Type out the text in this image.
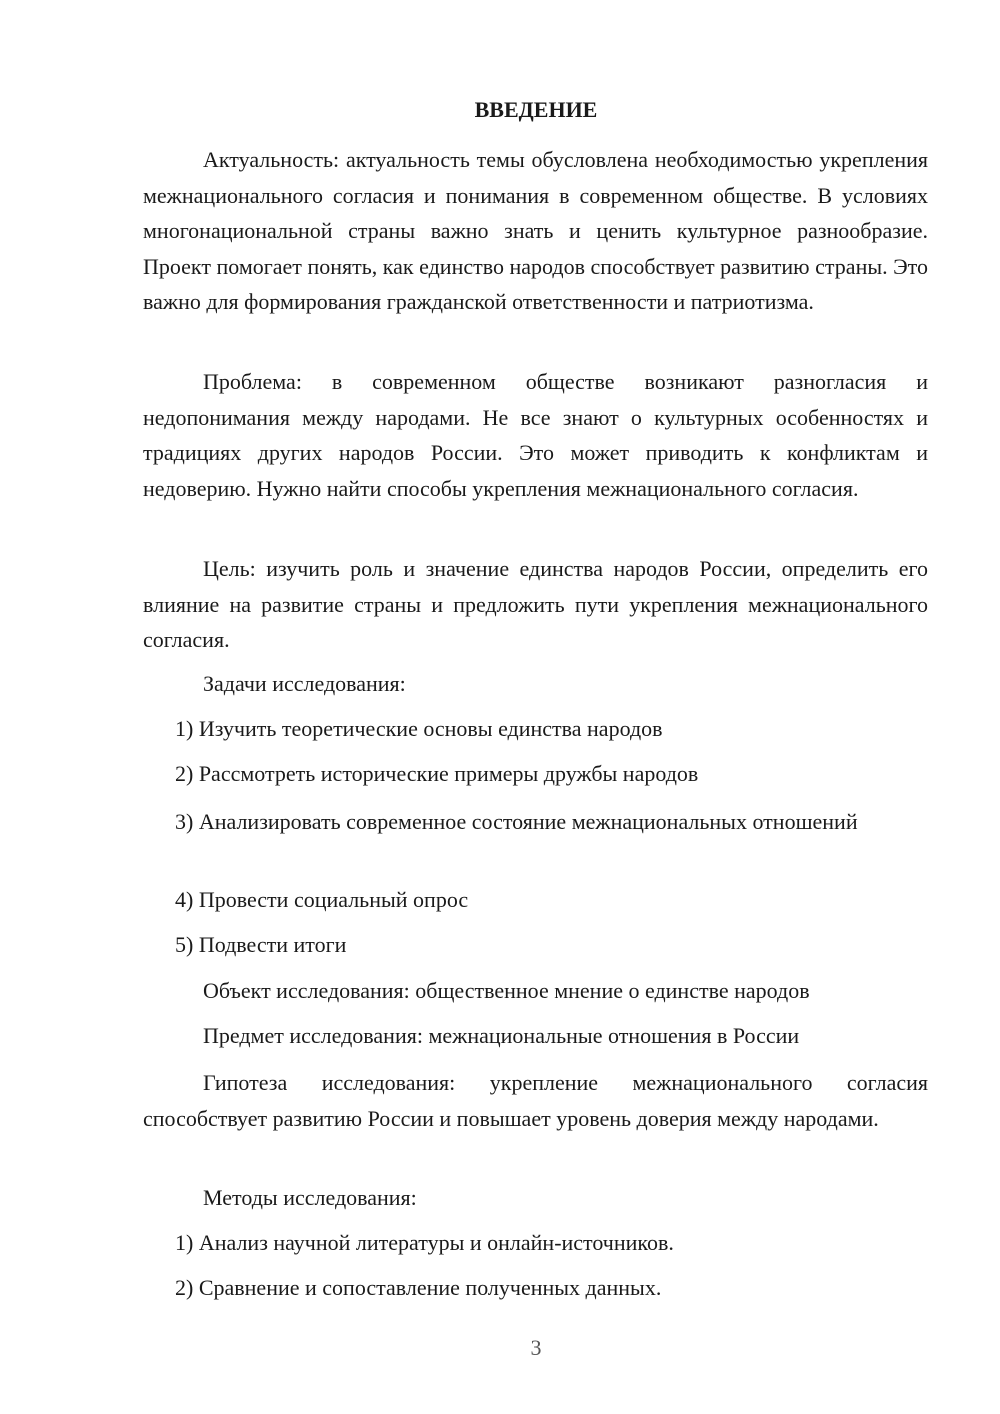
ВВЕДЕНИЕ

Актуальность: актуальность темы обусловлена необходимостью укрепления межнационального согласия и понимания в современном обществе. В условиях многонациональной страны важно знать и ценить культурное разнообразие. Проект помогает понять, как единство народов способствует развитию страны. Это важно для формирования гражданской ответственности и патриотизма.

Проблема: в современном обществе возникают разногласия и недопонимания между народами. Не все знают о культурных особенностях и традициях других народов России. Это может приводить к конфликтам и недоверию. Нужно найти способы укрепления межнационального согласия.

Цель: изучить роль и значение единства народов России, определить его влияние на развитие страны и предложить пути укрепления межнационального согласия.

Задачи исследования:

1) Изучить теоретические основы единства народов

2) Рассмотреть исторические примеры дружбы народов

3) Анализировать современное состояние межнациональных отношений

4) Провести социальный опрос

5) Подвести итоги

Объект исследования: общественное мнение о единстве народов

Предмет исследования: межнациональные отношения в России

Гипотеза исследования: укрепление межнационального согласия способствует развитию России и повышает уровень доверия между народами.

Методы исследования:

1) Анализ научной литературы и онлайн-источников.

2) Сравнение и сопоставление полученных данных.

3
